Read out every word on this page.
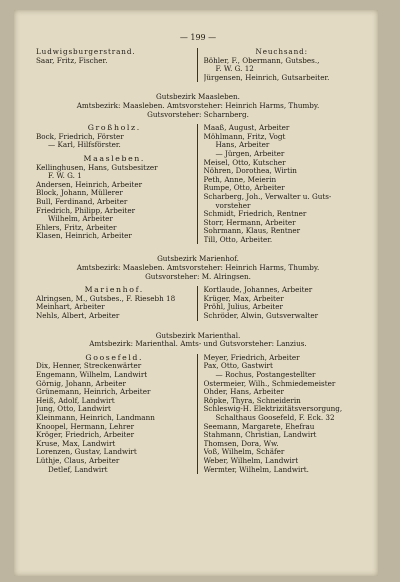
— 199 —
Ludwigsburgerstrand.
Saar, Fritz, Fischer.
Neuchsand:
Böhler, F., Obermann, Gutsbes.,
F. W. G. 12
Jürgensen, Heinrich, Gutsarbeiter.
Gutsbezirk Maasleben.
Amtsbezirk: Maasleben. Amtsvorsteher: Heinrich Harms, Thumby.
Gutsvorsteher: Scharnberg.
Großholz.
Bock, Friedrich, Förster
— Karl, Hilfsförster.
Maasleben.
Kellinghusen, Hans, Gutsbesitzer
F. W. G. 1
Andersen, Heinrich, Arbeiter
Block, Johann, Müllerer
Bull, Ferdinand, Arbeiter
Friedrich, Philipp, Arbeiter
Wilhelm, Arbeiter
Ehlers, Fritz, Arbeiter
Klasen, Heinrich, Arbeiter
Maaß, August, Arbeiter
Möhlmann, Fritz, Vogt
Hans, Arbeiter
— Jürgen, Arbeiter
Meisel, Otto, Kutscher
Nöhren, Dorothea, Wirtin
Peth, Anne, Meierin
Rumpe, Otto, Arbeiter
Scharberg, Joh., Verwalter u. Guts-
vorsteher
Schmidt, Friedrich, Rentner
Storr, Hermann, Arbeiter
Sohrmann, Klaus, Rentner
Till, Otto, Arbeiter.
Gutsbezirk Marienhof.
Amtsbezirk: Maasleben. Amtsvorsteher: Heinrich Harms, Thumby.
Gutsvorsteher: M. Alringsen.
Marienhof.
Alringsen, M., Gutsbes., F. Riesebh 18
Meinhart, Arbeiter
Nehls, Albert, Arbeiter
Kortlaude, Johannes, Arbeiter
Krüger, Max, Arbeiter
Pröhl, Julius, Arbeiter
Schröder, Alwin, Gutsverwalter
Gutsbezirk Marienthal.
Amtsbezirk: Marienthal. Amts- und Gutsvorsteher: Lanzius.
Goosefeld.
Dix, Henner, Streckenwärter
Engemann, Wilhelm, Landwirt
Görnig, Johann, Arbeiter
Grünemann, Heinrich, Arbeiter
Heiß, Adolf, Landwirt
Jung, Otto, Landwirt
Kleinmann, Heinrich, Landmann
Knoopel, Hermann, Lehrer
Kröger, Friedrich, Arbeiter
Kruse, Max, Landwirt
Lorenzen, Gustav, Landwirt
Lüthje, Claus, Arbeiter
Detlef, Landwirt
Meyer, Friedrich, Arbeiter
Pax, Otto, Gastwirt
— Rochus, Postangestellter
Ostermeier, Wilh., Schmiedemeister
Ohder, Hans, Arbeiter
Röpke, Thyra, Schneiderin
Schleswig-H. Elektrizitätsversorgung,
Schalthaus Goosefeld, F. Eck. 32
Seemann, Margarete, Ehefrau
Stahmann, Christian, Landwirt
Thomsen, Dora, Ww.
Voß, Wilhelm, Schäfer
Weber, Wilhelm, Landwirt
Wermter, Wilhelm, Landwirt.
